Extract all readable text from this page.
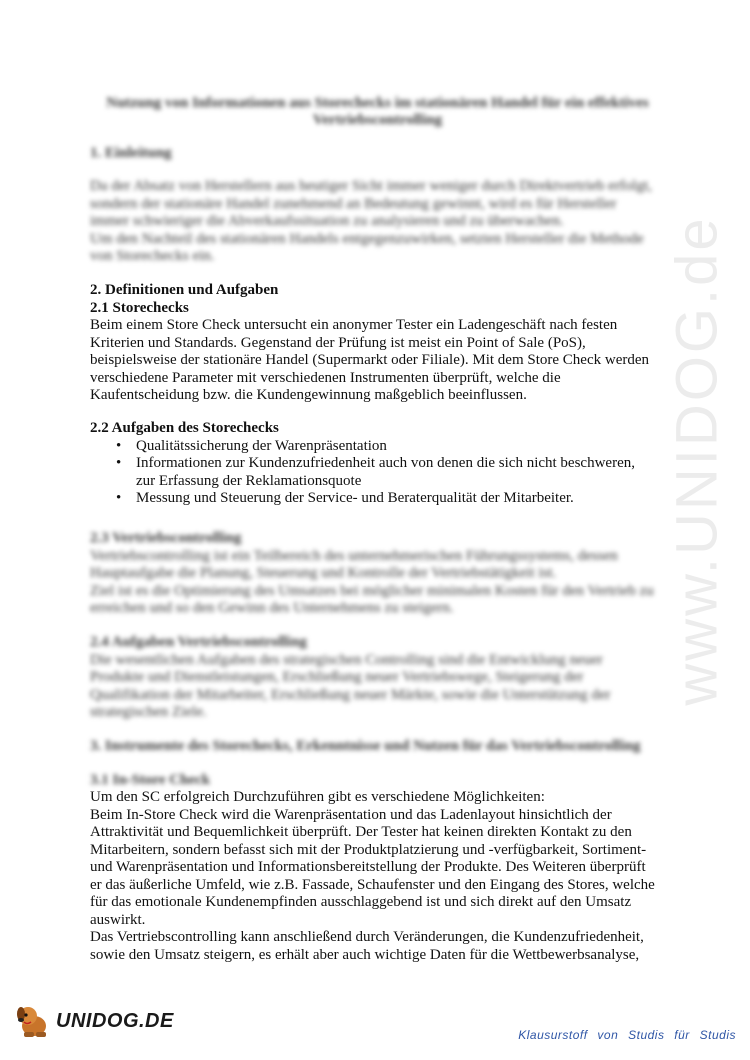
www.UNIDOG.de
Nutzung von Informationen aus Storechecks im stationären Handel für ein effektives Vertriebscontrolling
1. Einleitung
Da der Absatz von Herstellern aus heutiger Sicht immer weniger durch Direktvertrieb erfolgt,
sondern der stationäre Handel zunehmend an Bedeutung gewinnt, wird es für Hersteller
immer schwieriger die Abverkaufssituation zu analysieren und zu überwachen.
Um den Nachteil des stationären Handels entgegenzuwirken, setzten Hersteller die Methode
von Storechecks ein.
2. Definitionen und Aufgaben
2.1 Storechecks
Beim einem Store Check untersucht ein anonymer Tester ein Ladengeschäft nach festen
Kriterien und Standards. Gegenstand der Prüfung ist meist ein Point of Sale (PoS),
beispielsweise der stationäre Handel (Supermarkt oder Filiale). Mit dem Store Check werden
verschiedene Parameter mit verschiedenen Instrumenten überprüft, welche die
Kaufentscheidung bzw. die Kundengewinnung maßgeblich beeinflussen.
2.2 Aufgaben des Storechecks
• Qualitätssicherung der Warenpräsentation
• Informationen zur Kundenzufriedenheit auch von denen die sich nicht beschweren,
zur Erfassung der Reklamationsquote
• Messung und Steuerung der Service- und Beraterqualität der Mitarbeiter.
2.3 Vertriebscontrolling
Vertriebscontrolling ist ein Teilbereich des unternehmerischen Führungssystems, dessen
Hauptaufgabe die Planung, Steuerung und Kontrolle der Vertriebstätigkeit ist.
Ziel ist es die Optimierung des Umsatzes bei möglicher minimalen Kosten für den Vertrieb zu
erreichen und so den Gewinn des Unternehmens zu steigern.
2.4 Aufgaben Vertriebscontrolling
Die wesentlichen Aufgaben des strategischen Controlling sind die Entwicklung neuer
Produkte und Dienstleistungen, Erschließung neuer Vertriebswege, Steigerung der
Qualifikation der Mitarbeiter, Erschließung neuer Märkte, sowie die Unterstützung der
strategischen Ziele.
3. Instrumente des Storechecks, Erkenntnisse und Nutzen für das Vertriebscontrolling
3.1 In-Store Check
Um den SC erfolgreich Durchzuführen gibt es verschiedene Möglichkeiten:
Beim In-Store Check wird die Warenpräsentation und das Ladenlayout hinsichtlich der
Attraktivität und Bequemlichkeit überprüft. Der Tester hat keinen direkten Kontakt zu den
Mitarbeitern, sondern befasst sich mit der Produktplatzierung und -verfügbarkeit, Sortiment-
und Warenpräsentation und Informationsbereitstellung der Produkte. Des Weiteren überprüft
er das äußerliche Umfeld, wie z.B. Fassade, Schaufenster und den Eingang des Stores, welche
für das emotionale Kundenempfinden ausschlaggebend ist und sich direkt auf den Umsatz
auswirkt.
Das Vertriebscontrolling kann anschließend durch Veränderungen, die Kundenzufriedenheit,
sowie den Umsatz steigern, es erhält aber auch wichtige Daten für die Wettbewerbsanalyse,
UNIDOG.DE
Klausurstoff von Studis für Studis
